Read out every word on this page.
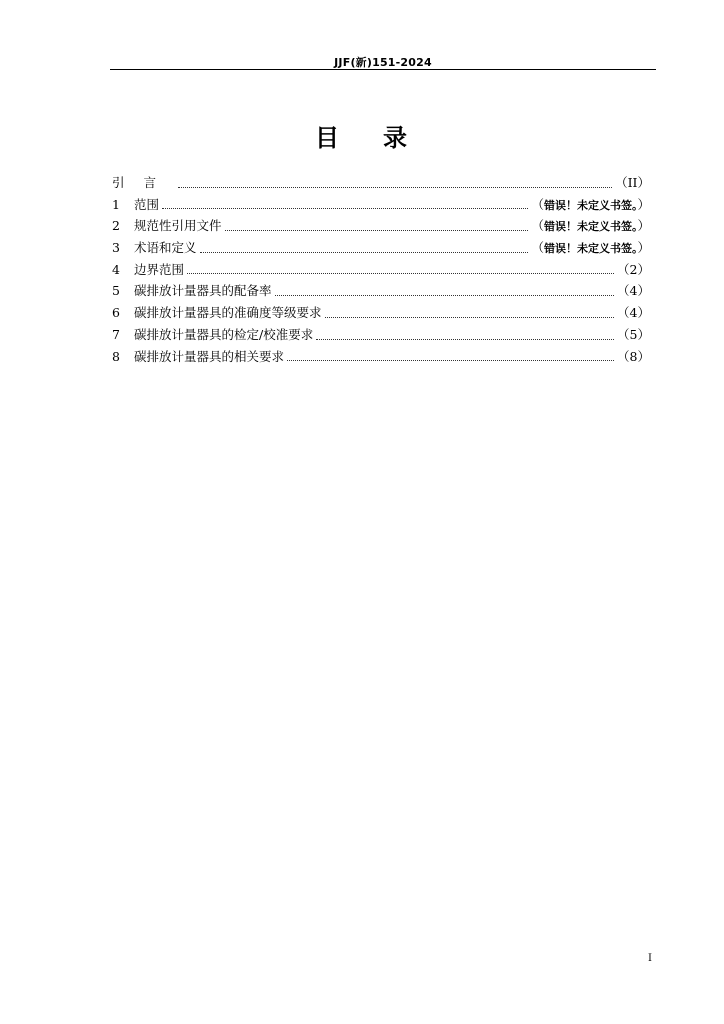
JJF(新)151-2024
目 录
引言	（II）
1	范围	（错误！未定义书签。）
2	规范性引用文件	（错误！未定义书签。）
3	术语和定义	（错误！未定义书签。）
4	边界范围	（2）
5	碳排放计量器具的配备率	（4）
6	碳排放计量器具的准确度等级要求	（4）
7	碳排放计量器具的检定/校准要求	（5）
8	碳排放计量器具的相关要求	（8）
I
